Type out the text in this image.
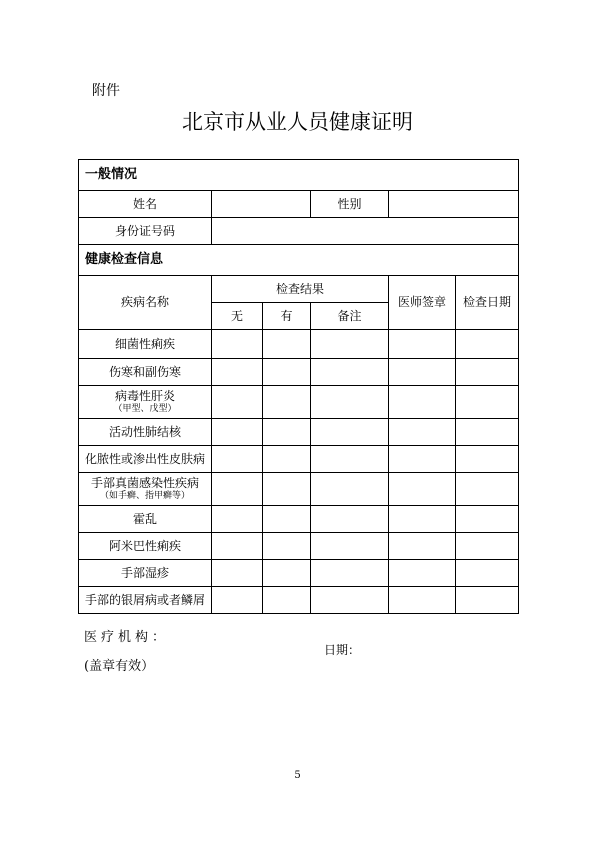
附件
北京市从业人员健康证明
一般情况					
姓名			性别		
身份证号码					
健康检查信息					
疾病名称	检查结果			医师签章	检查日期
	无	有	备注		
细菌性痢疾					
伤寒和副伤寒					
病毒性肝炎
（甲型、戊型）					

活动性肺结核					
化脓性或渗出性皮肤病					
手部真菌感染性疾病
（如手癣、指甲癣等）					

霍乱					
阿米巴性痢疾					
手部湿疹					
手部的银屑病或者鳞屑					
医疗机构：
日期：
(盖章有效）
5
